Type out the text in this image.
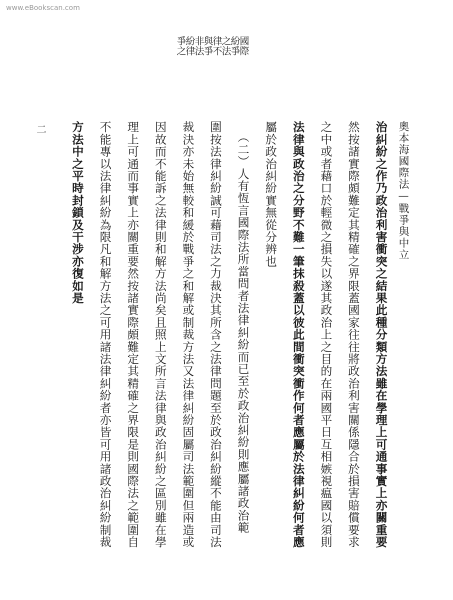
www.eBookscan.com
二	奧本海國際法—戰爭與中立
國際
紛爭
之法
律不
與爭
非法
紛律
爭之
治糾紛之作乃政治利害衝突之結果此種分類方法雖在學理上可通事實上亦關重要
然按諸實際頗難定其精確之界限蓋國家往往將政治利害關係隱合於損害賠償要求
之中或者藉口於輕微之損失以遂其政治上之目的在兩國平日互相嫉視瘟國以須則
法律與政治之分野不難一筆抹殺蓋以彼此間衝突衝作何者應屬於法律糾紛何者應
屬於政治糾紛實無從分辨也
（二）人有恆言國際法所當問者法律糾紛而已至於政治糾紛則應屬諸政治範
圍按法律糾紛誠可藉司法之力裁決其所含之法律問題至於政治糾紛縱不能由司法
裁決亦未始無較和緩於戰爭之和解或制裁方法又法律糾紛固屬司法範圍但兩造或
因故而不能訴之法律則和解方法尚矣且照上文所言法律與政治糾紛之區別雖在學
理上可通而事實上亦關重要然按諸實際頗難定其精確之界限是則國際法之範圍自
不能專以法律糾紛為限凡和解方法之可用諸法律糾紛者亦皆可用諸政治糾紛制裁
方法中之平時封鎖及干涉亦復如是
